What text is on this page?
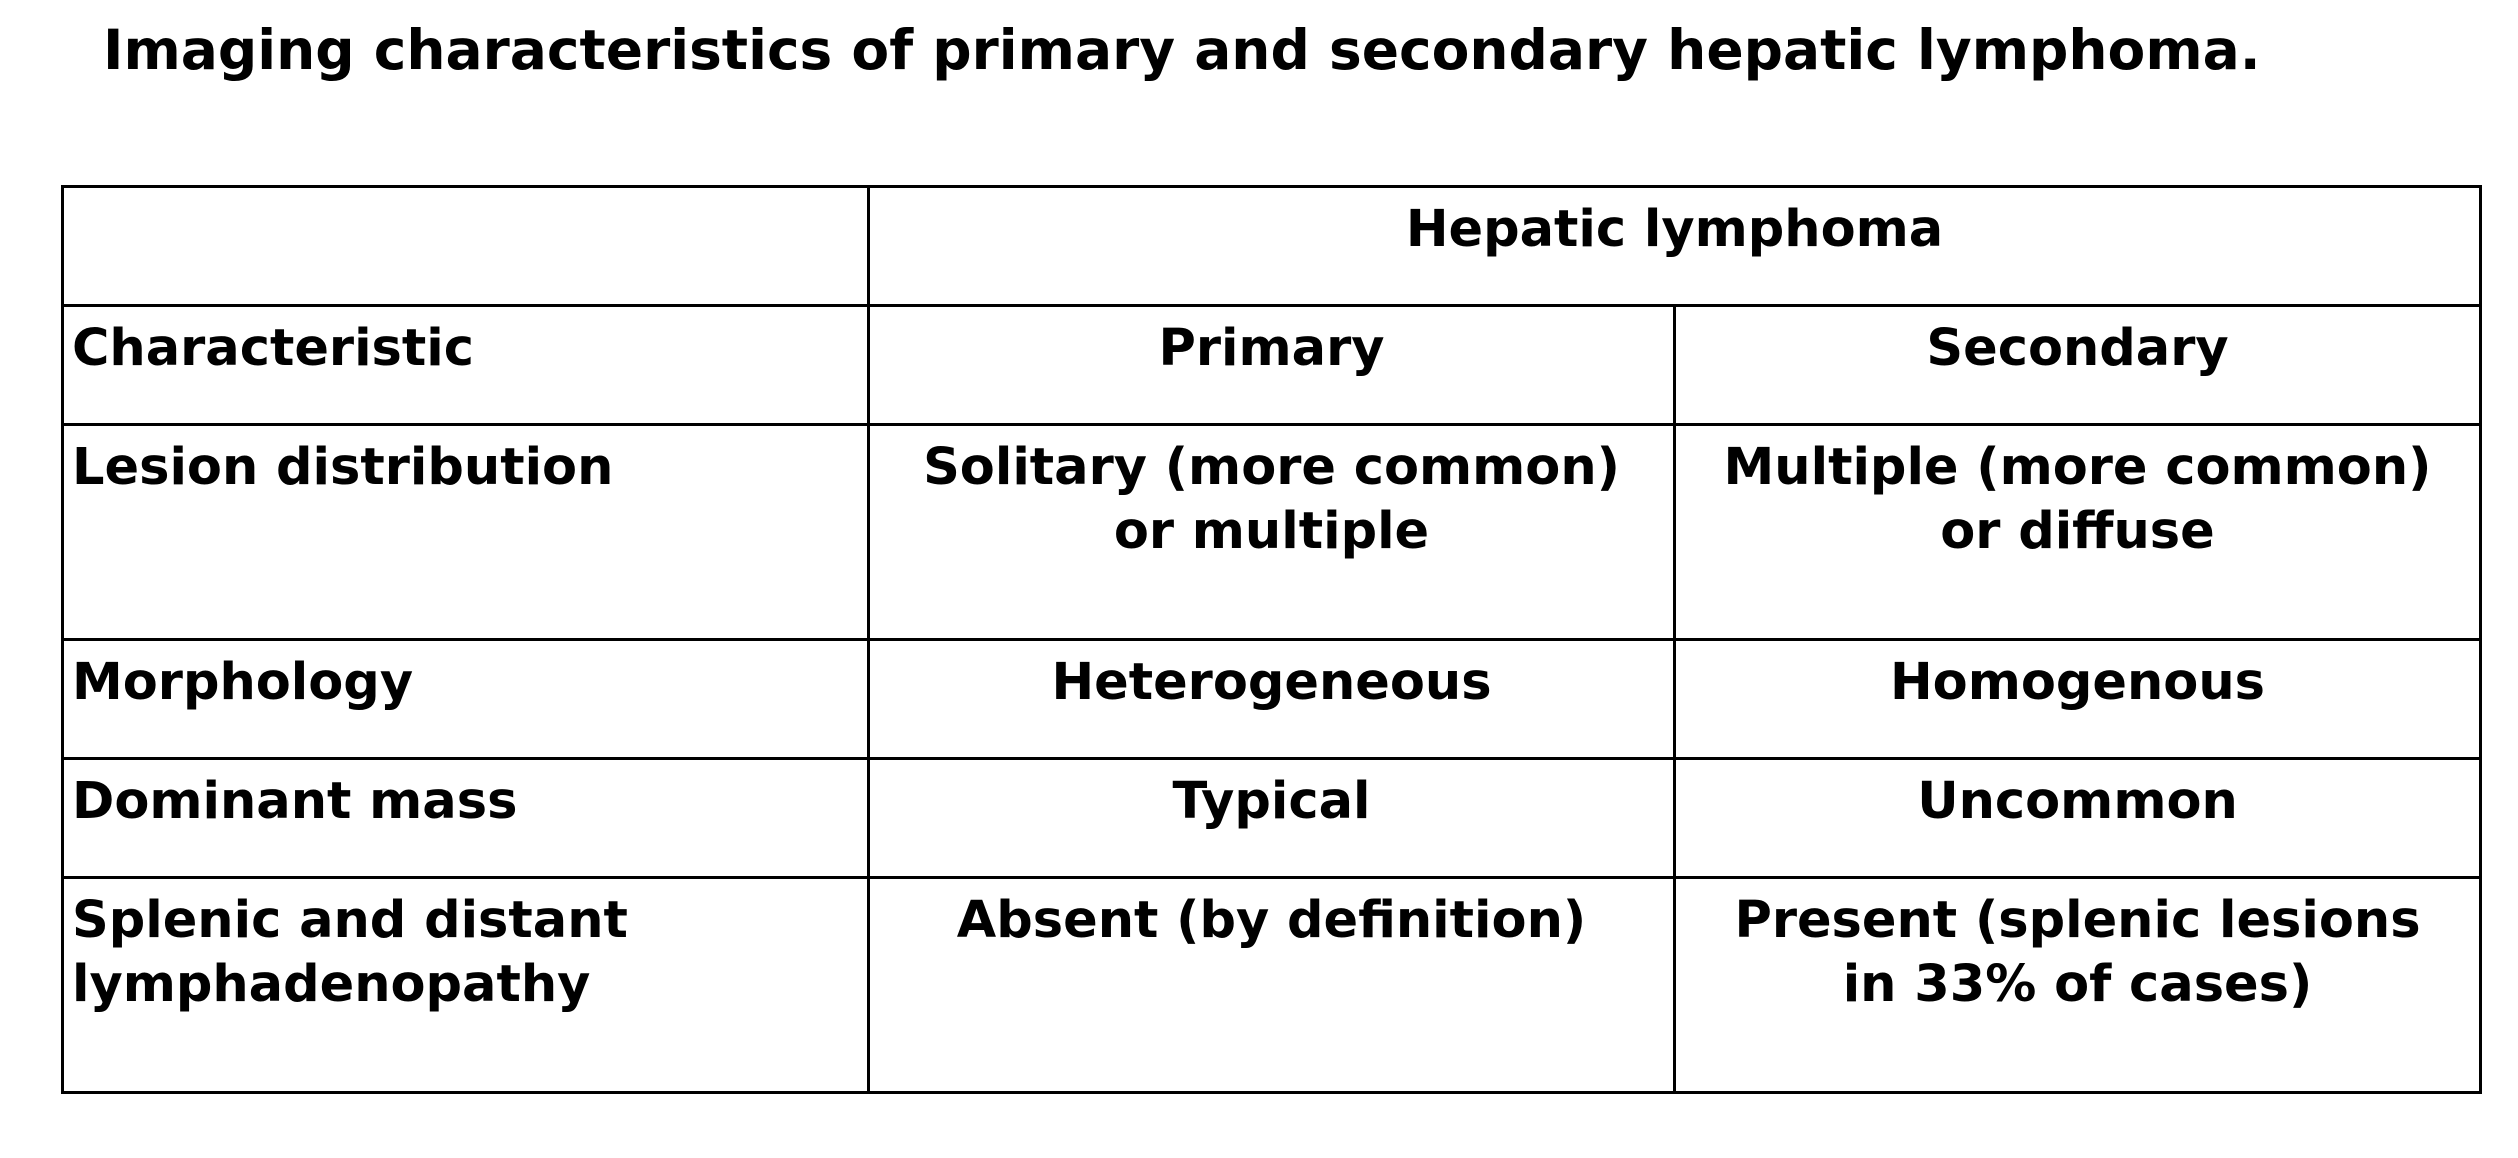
Imaging characteristics of primary and secondary hepatic lymphoma.

	Hepatic lymphoma	

Characteristic	Primary	Secondary

Lesion distribution	Solitary (more common) or multiple	Multiple (more common) or diffuse

Morphology	Heterogeneous	Homogenous

Dominant mass	Typical	Uncommon

Splenic and distant lymphadenopathy	Absent (by definition)	Present (splenic lesions in 33% of cases)
